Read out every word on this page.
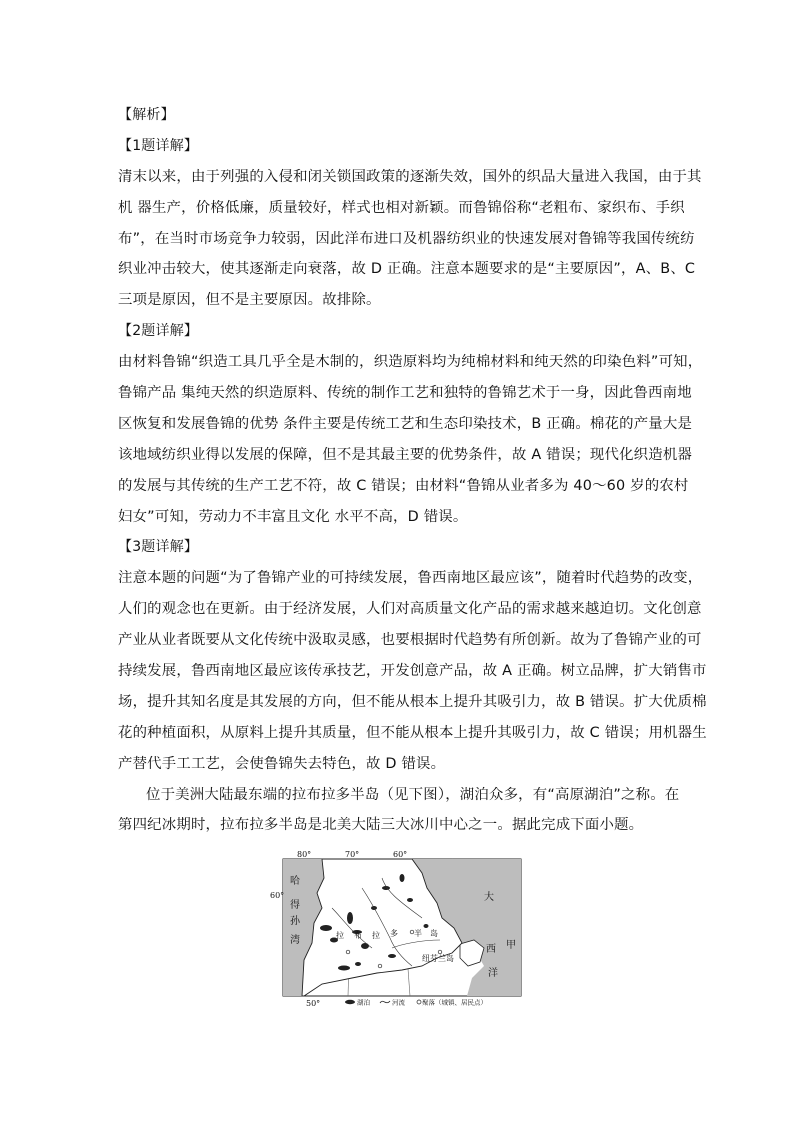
【解析】
【1题详解】
清末以来，由于列强的入侵和闭关锁国政策的逐渐失效，国外的织品大量进入我国，由于其
机 器生产，价格低廉，质量较好，样式也相对新颖。而鲁锦俗称“老粗布、家织布、手织
布”，在当时市场竞争力较弱，因此洋布进口及机器纺织业的快速发展对鲁锦等我国传统纺
织业冲击较大，使其逐渐走向衰落，故 D 正确。注意本题要求的是“主要原因”，A、B、C
三项是原因，但不是主要原因。故排除。
【2题详解】
由材料鲁锦“织造工具几乎全是木制的，织造原料均为纯棉材料和纯天然的印染色料”可知，
鲁锦产品 集纯天然的织造原料、传统的制作工艺和独特的鲁锦艺术于一身，因此鲁西南地
区恢复和发展鲁锦的优势 条件主要是传统工艺和生态印染技术，B 正确。棉花的产量大是
该地域纺织业得以发展的保障，但不是其最主要的优势条件，故 A 错误；现代化织造机器
的发展与其传统的生产工艺不符，故 C 错误；由材料“鲁锦从业者多为 40～60 岁的农村
妇女”可知，劳动力不丰富且文化 水平不高，D 错误。
【3题详解】
注意本题的问题“为了鲁锦产业的可持续发展，鲁西南地区最应该”，随着时代趋势的改变，
人们的观念也在更新。由于经济发展，人们对高质量文化产品的需求越来越迫切。文化创意
产业从业者既要从文化传统中汲取灵感，也要根据时代趋势有所创新。故为了鲁锦产业的可
持续发展，鲁西南地区最应该传承技艺，开发创意产品，故 A 正确。树立品牌，扩大销售市
场，提升其知名度是其发展的方向，但不能从根本上提升其吸引力，故 B 错误。扩大优质棉
花的种植面积，从原料上提升其质量，但不能从根本上提升其吸引力，故 C 错误；用机器生
产替代手工工艺，会使鲁锦失去特色，故 D 错误。
位于美洲大陆最东端的拉布拉多半岛（见下图），湖泊众多，有“高原湖泊”之称。在
第四纪冰期时，拉布拉多半岛是北美大陆三大冰川中心之一。据此完成下面小题。
80°	70°	60°
50°
60°
哈
得
孙
湾
大
西 甲
洋
拉 布 拉 多 半 岛
纽芬兰岛
湖泊	河流	聚落（城镇、居民点）
